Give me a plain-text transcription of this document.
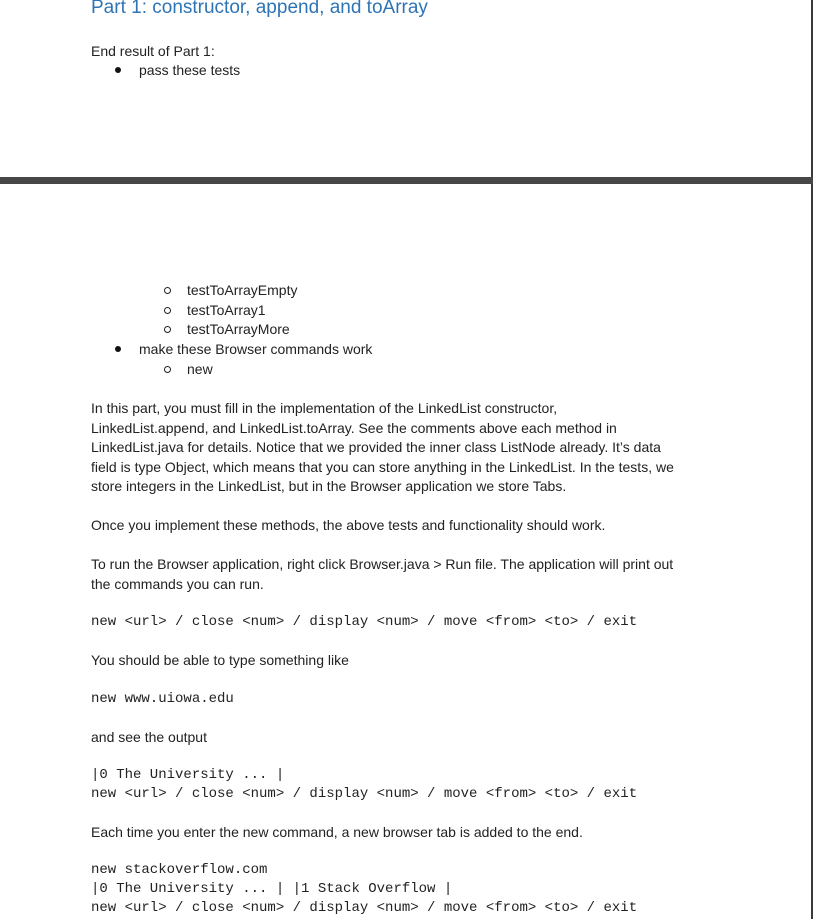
Part 1: constructor, append, and toArray
End result of Part 1:
pass these tests
testToArrayEmpty
testToArray1
testToArrayMore
make these Browser commands work
new
In this part, you must fill in the implementation of the LinkedList constructor,
LinkedList.append, and LinkedList.toArray. See the comments above each method in
LinkedList.java for details. Notice that we provided the inner class ListNode already. It’s data
field is type Object, which means that you can store anything in the LinkedList. In the tests, we
store integers in the LinkedList, but in the Browser application we store Tabs.
Once you implement these methods, the above tests and functionality should work.
To run the Browser application, right click Browser.java > Run file. The application will print out
the commands you can run.
new <url> / close <num> / display <num> / move <from> <to> / exit
You should be able to type something like
new www.uiowa.edu
and see the output
|0 The University ... |
new <url> / close <num> / display <num> / move <from> <to> / exit
Each time you enter the new command, a new browser tab is added to the end.
new stackoverflow.com
|0 The University ... | |1 Stack Overflow |
new <url> / close <num> / display <num> / move <from> <to> / exit
